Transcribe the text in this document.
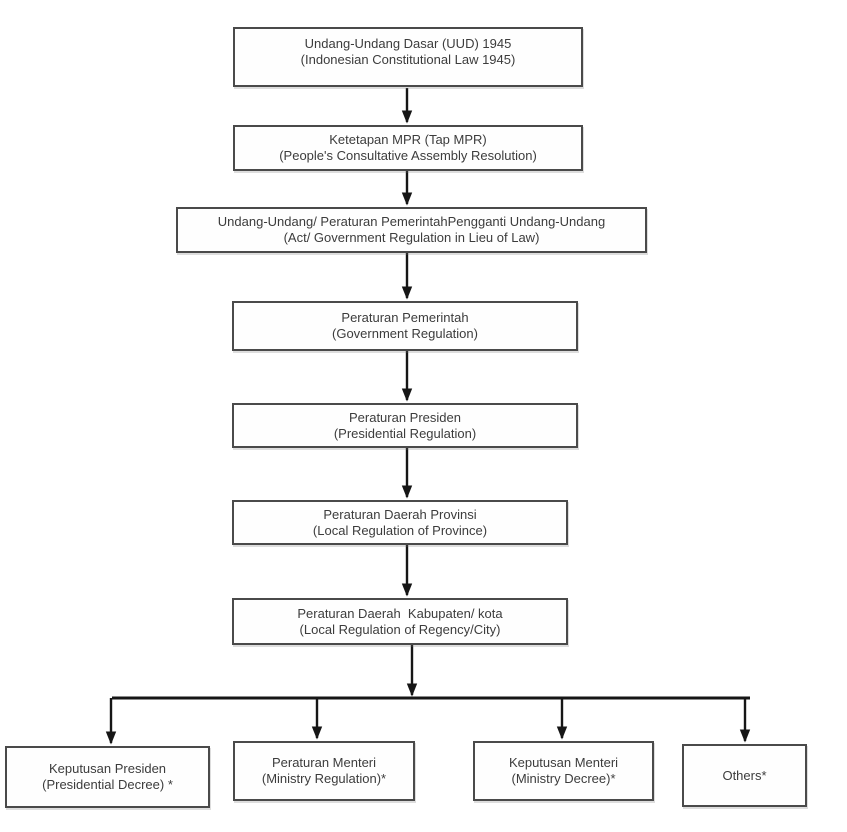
Undang-Undang Dasar (UUD) 1945
(Indonesian Constitutional Law 1945)
Ketetapan MPR (Tap MPR)
(People's Consultative Assembly Resolution)
Undang-Undang/ Peraturan PemerintahPengganti Undang-Undang
(Act/ Government Regulation in Lieu of Law)
Peraturan Pemerintah
(Government Regulation)
Peraturan Presiden
(Presidential Regulation)
Peraturan Daerah Provinsi
(Local Regulation of Province)
Peraturan Daerah  Kabupaten/ kota
(Local Regulation of Regency/City)
Keputusan Presiden
(Presidential Decree) *
Peraturan Menteri
(Ministry Regulation)*
Keputusan Menteri
(Ministry Decree)*	Others*
